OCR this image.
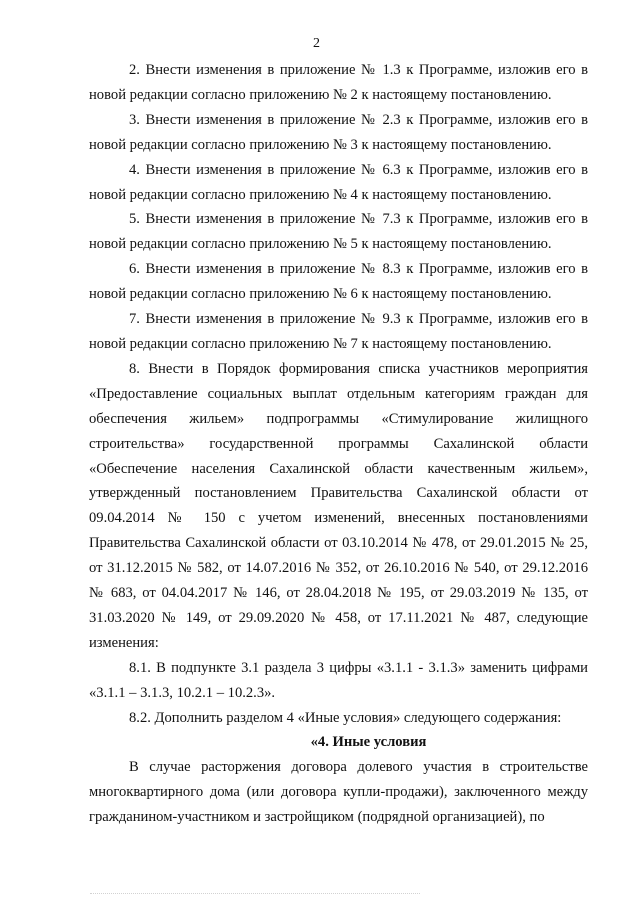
2

2. Внести изменения в приложение № 1.3 к Программе, изложив его в новой редакции согласно приложению № 2 к настоящему постановлению.

3. Внести изменения в приложение № 2.3 к Программе, изложив его в новой редакции согласно приложению № 3 к настоящему постановлению.

4. Внести изменения в приложение № 6.3 к Программе, изложив его в новой редакции согласно приложению № 4 к настоящему постановлению.

5. Внести изменения в приложение № 7.3 к Программе, изложив его в новой редакции согласно приложению № 5 к настоящему постановлению.

6. Внести изменения в приложение № 8.3 к Программе, изложив его в новой редакции согласно приложению № 6 к настоящему постановлению.

7. Внести изменения в приложение № 9.3 к Программе, изложив его в новой редакции согласно приложению № 7 к настоящему постановлению.

8. Внести в Порядок формирования списка участников мероприятия «Предоставление социальных выплат отдельным категориям граждан для обеспечения жильем» подпрограммы «Стимулирование жилищного строительства» государственной программы Сахалинской области «Обеспечение населения Сахалинской области качественным жильем», утвержденный постановлением Правительства Сахалинской области от 09.04.2014 № 150 с учетом изменений, внесенных постановлениями Правительства Сахалинской области от 03.10.2014 № 478, от 29.01.2015 № 25, от 31.12.2015 № 582, от 14.07.2016 № 352, от 26.10.2016 № 540, от 29.12.2016 № 683, от 04.04.2017 № 146, от 28.04.2018 № 195, от 29.03.2019 № 135, от 31.03.2020 № 149, от 29.09.2020 № 458, от 17.11.2021 № 487, следующие изменения:

8.1. В подпункте 3.1 раздела 3 цифры «3.1.1 - 3.1.3» заменить цифрами «3.1.1 – 3.1.3, 10.2.1 – 10.2.3».

8.2. Дополнить разделом 4 «Иные условия» следующего содержания:

«4. Иные условия

В случае расторжения договора долевого участия в строительстве многоквартирного дома (или договора купли-продажи), заключенного между гражданином-участником и застройщиком (подрядной организацией), по
